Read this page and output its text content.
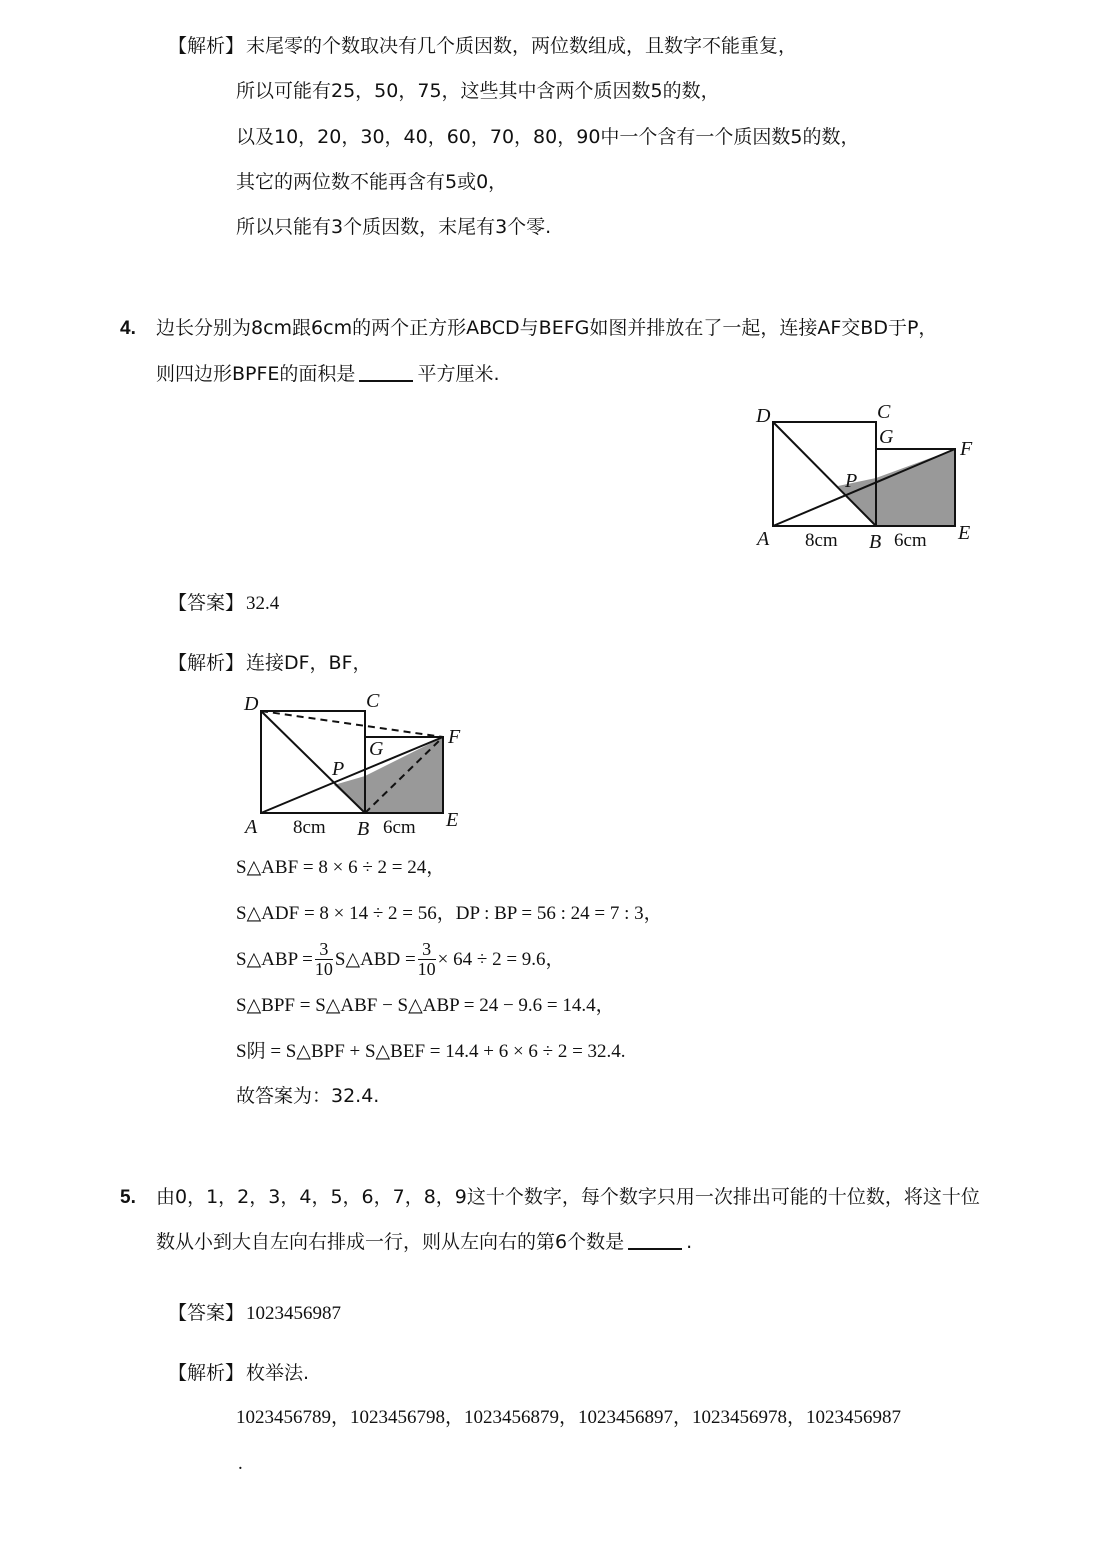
【解析】 末尾零的个数取决有几个质因数，两位数组成，且数字不能重复，
所以可能有25，50，75，这些其中含两个质因数5的数，
以及10，20，30，40，60，70，80，90中一个含有一个质因数5的数，
其它的两位数不能再含有5或0，
所以只能有3个质因数，末尾有3个零.
4. 边长分别为8cm跟6cm的两个正方形ABCD与BEFG如图并排放在了一起，连接AF交BD于P，
则四边形BPFE的面积是	平方厘米.
D	C
G
F
P
A	B	E
8cm	6cm
【答案】 32.4
【解析】 连接DF，BF，
D	C
G
F
P
A	B	E
8cm	6cm
S△ABF = 8 × 6 ÷ 2 = 24，
S△ADF = 8 × 14 ÷ 2 = 56，DP : BP = 56 : 24 = 7 : 3，
S△ABP = $\frac{3}{10}$ S△ABD = $\frac{3}{10} \times 64 \div 2 = 9.6$，
S△BPF = S△ABF − S△ABP = 24 − 9.6 = 14.4，
S阴 = S△BPF + S△BEF = 14.4 + 6 × 6 ÷ 2 = 32.4.
故答案为：32.4.
5. 由0，1，2，3，4，5，6，7，8，9这十个数字，每个数字只用一次排出可能的十位数，将这十位
数从小到大自左向右排成一行，则从左向右的第6个数是	.
【答案】 1023456987
【解析】 枚举法.
1023456789，1023456798，1023456879，1023456897，1023456978，1023456987
.
